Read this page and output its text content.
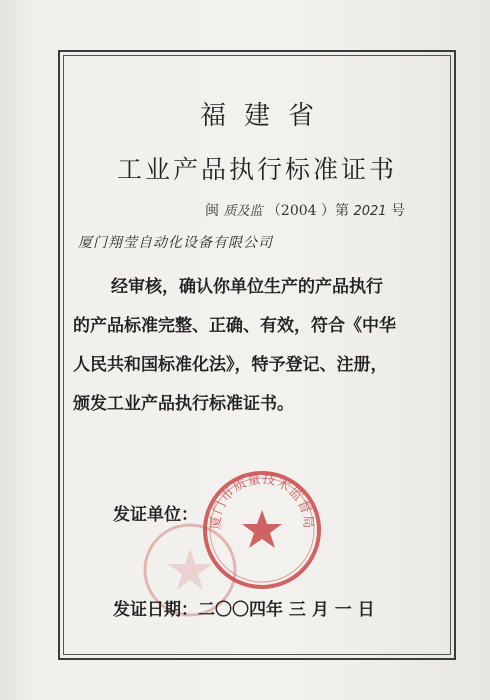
福建省
工业产品执行标准证书
闽 质及监 （2004 ）第 2021 号
厦门翔莹自动化设备有限公司
经审核，确认你单位生产的产品执行
的产品标准完整、正确、有效，符合《中华
人民共和国标准化法》，特予登记、注册，
颁发工业产品执行标准证书。
厦门市质量技术监督局
发证单位：
发证日期：二〇〇四年 三 月 一 日
